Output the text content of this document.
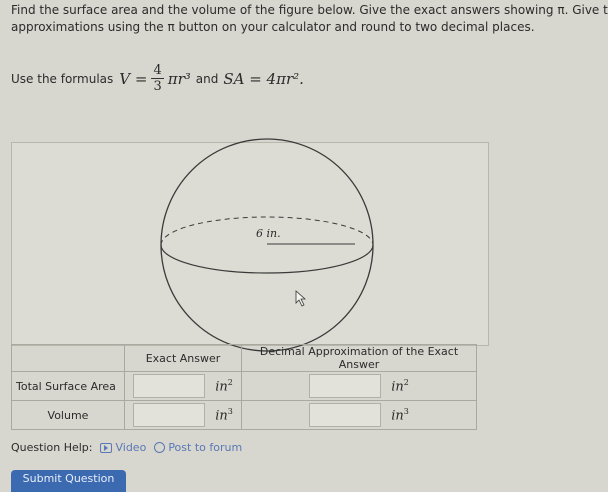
Find the surface area and the volume of the figure below. Give the exact answers showing π. Give t
approximations using the π button on your calculator and round to two decimal places.
Use the formulas $V = \frac{4}{3} \pi r^3$ and SA = 4πr².
6 in.
	Exact Answer	Decimal Approximation of the Exact Answer
Total Surface Area	$in^2$	$in^2$

Volume	$in^3$	$in^3$
Question Help: Video Post to forum
Submit Question
